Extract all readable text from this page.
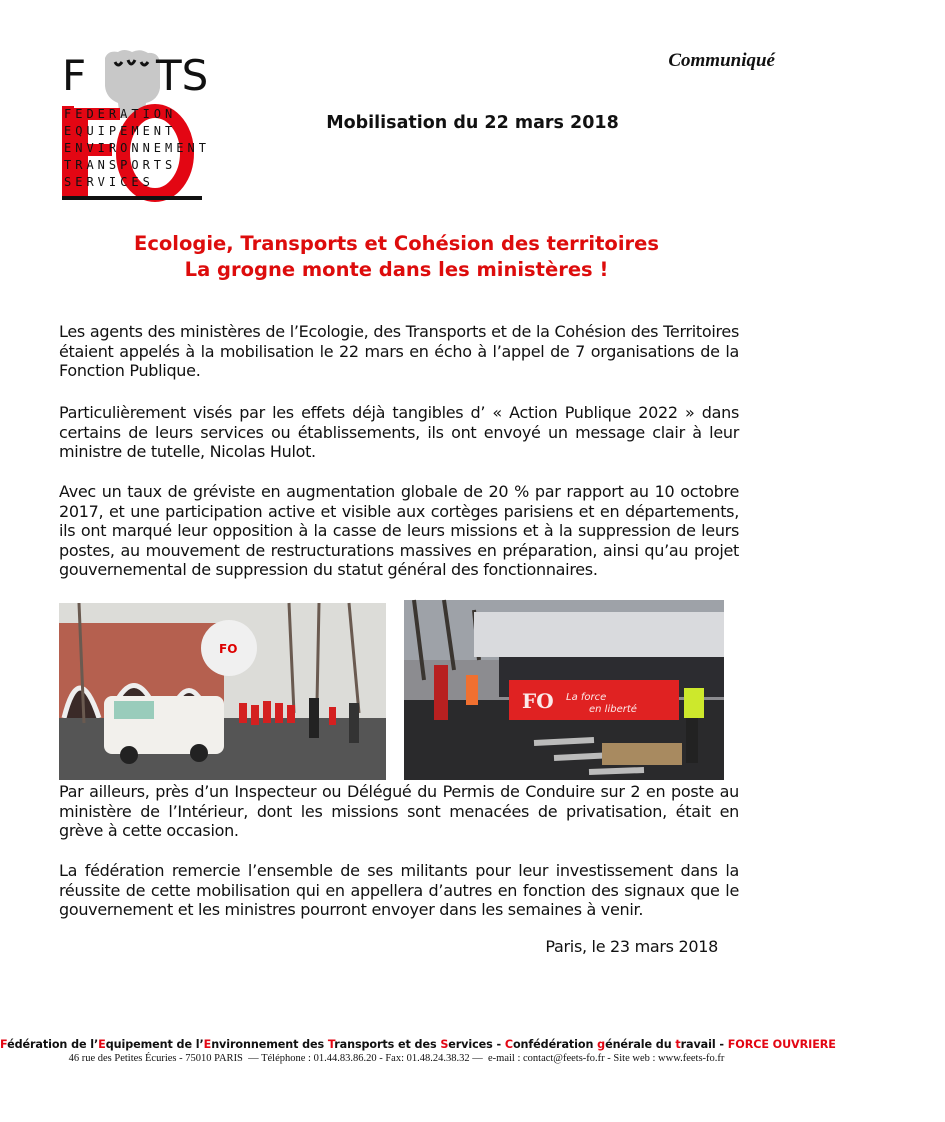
F TS
FEDERATION
EQUIPEMENT
ENVIRONNEMENT
TRANSPORTS
SERVICES
Communiqué
Mobilisation du 22 mars 2018
Ecologie, Transports et Cohésion des territoires
La grogne monte dans les ministères !

Les agents des ministères de l’Ecologie, des Transports et de la Cohésion des Territoires étaient appelés à la mobilisation le 22 mars en écho à l’appel de 7 organisations de la Fonction Publique.

Particulièrement visés par les effets déjà tangibles d’ « Action Publique 2022 » dans certains de leurs services ou établissements, ils ont envoyé un message clair à leur ministre de tutelle, Nicolas Hulot.

Avec un taux de gréviste en augmentation globale de 20 % par rapport au 10 octobre 2017, et une participation active et visible aux cortèges parisiens et en départements, ils ont marqué leur opposition à la casse de leurs missions et à la suppression de leurs postes, au mouvement de restructurations massives en préparation, ainsi qu’au projet gouvernemental de suppression du statut général des fonctionnaires.

FO
FO La force
en liberté

Par ailleurs, près d’un Inspecteur ou Délégué du Permis de Conduire sur 2 en poste au ministère de l’Intérieur, dont les missions sont menacées de privatisation, était en grève à cette occasion.

La fédération remercie l’ensemble de ses militants pour leur investissement dans la réussite de cette mobilisation qui en appellera d’autres en fonction des signaux que le gouvernement et les ministres pourront envoyer dans les semaines à venir.

Paris, le 23 mars 2018
Fédération de l’Equipement de l’Environnement des Transports et des Services - Confédération générale du travail - FORCE OUVRIERE
46 rue des Petites Écuries - 75010 PARIS — Téléphone : 01.44.83.86.20 - Fax: 01.48.24.38.32 — e-mail : contact@feets-fo.fr - Site web : www.feets-fo.fr
